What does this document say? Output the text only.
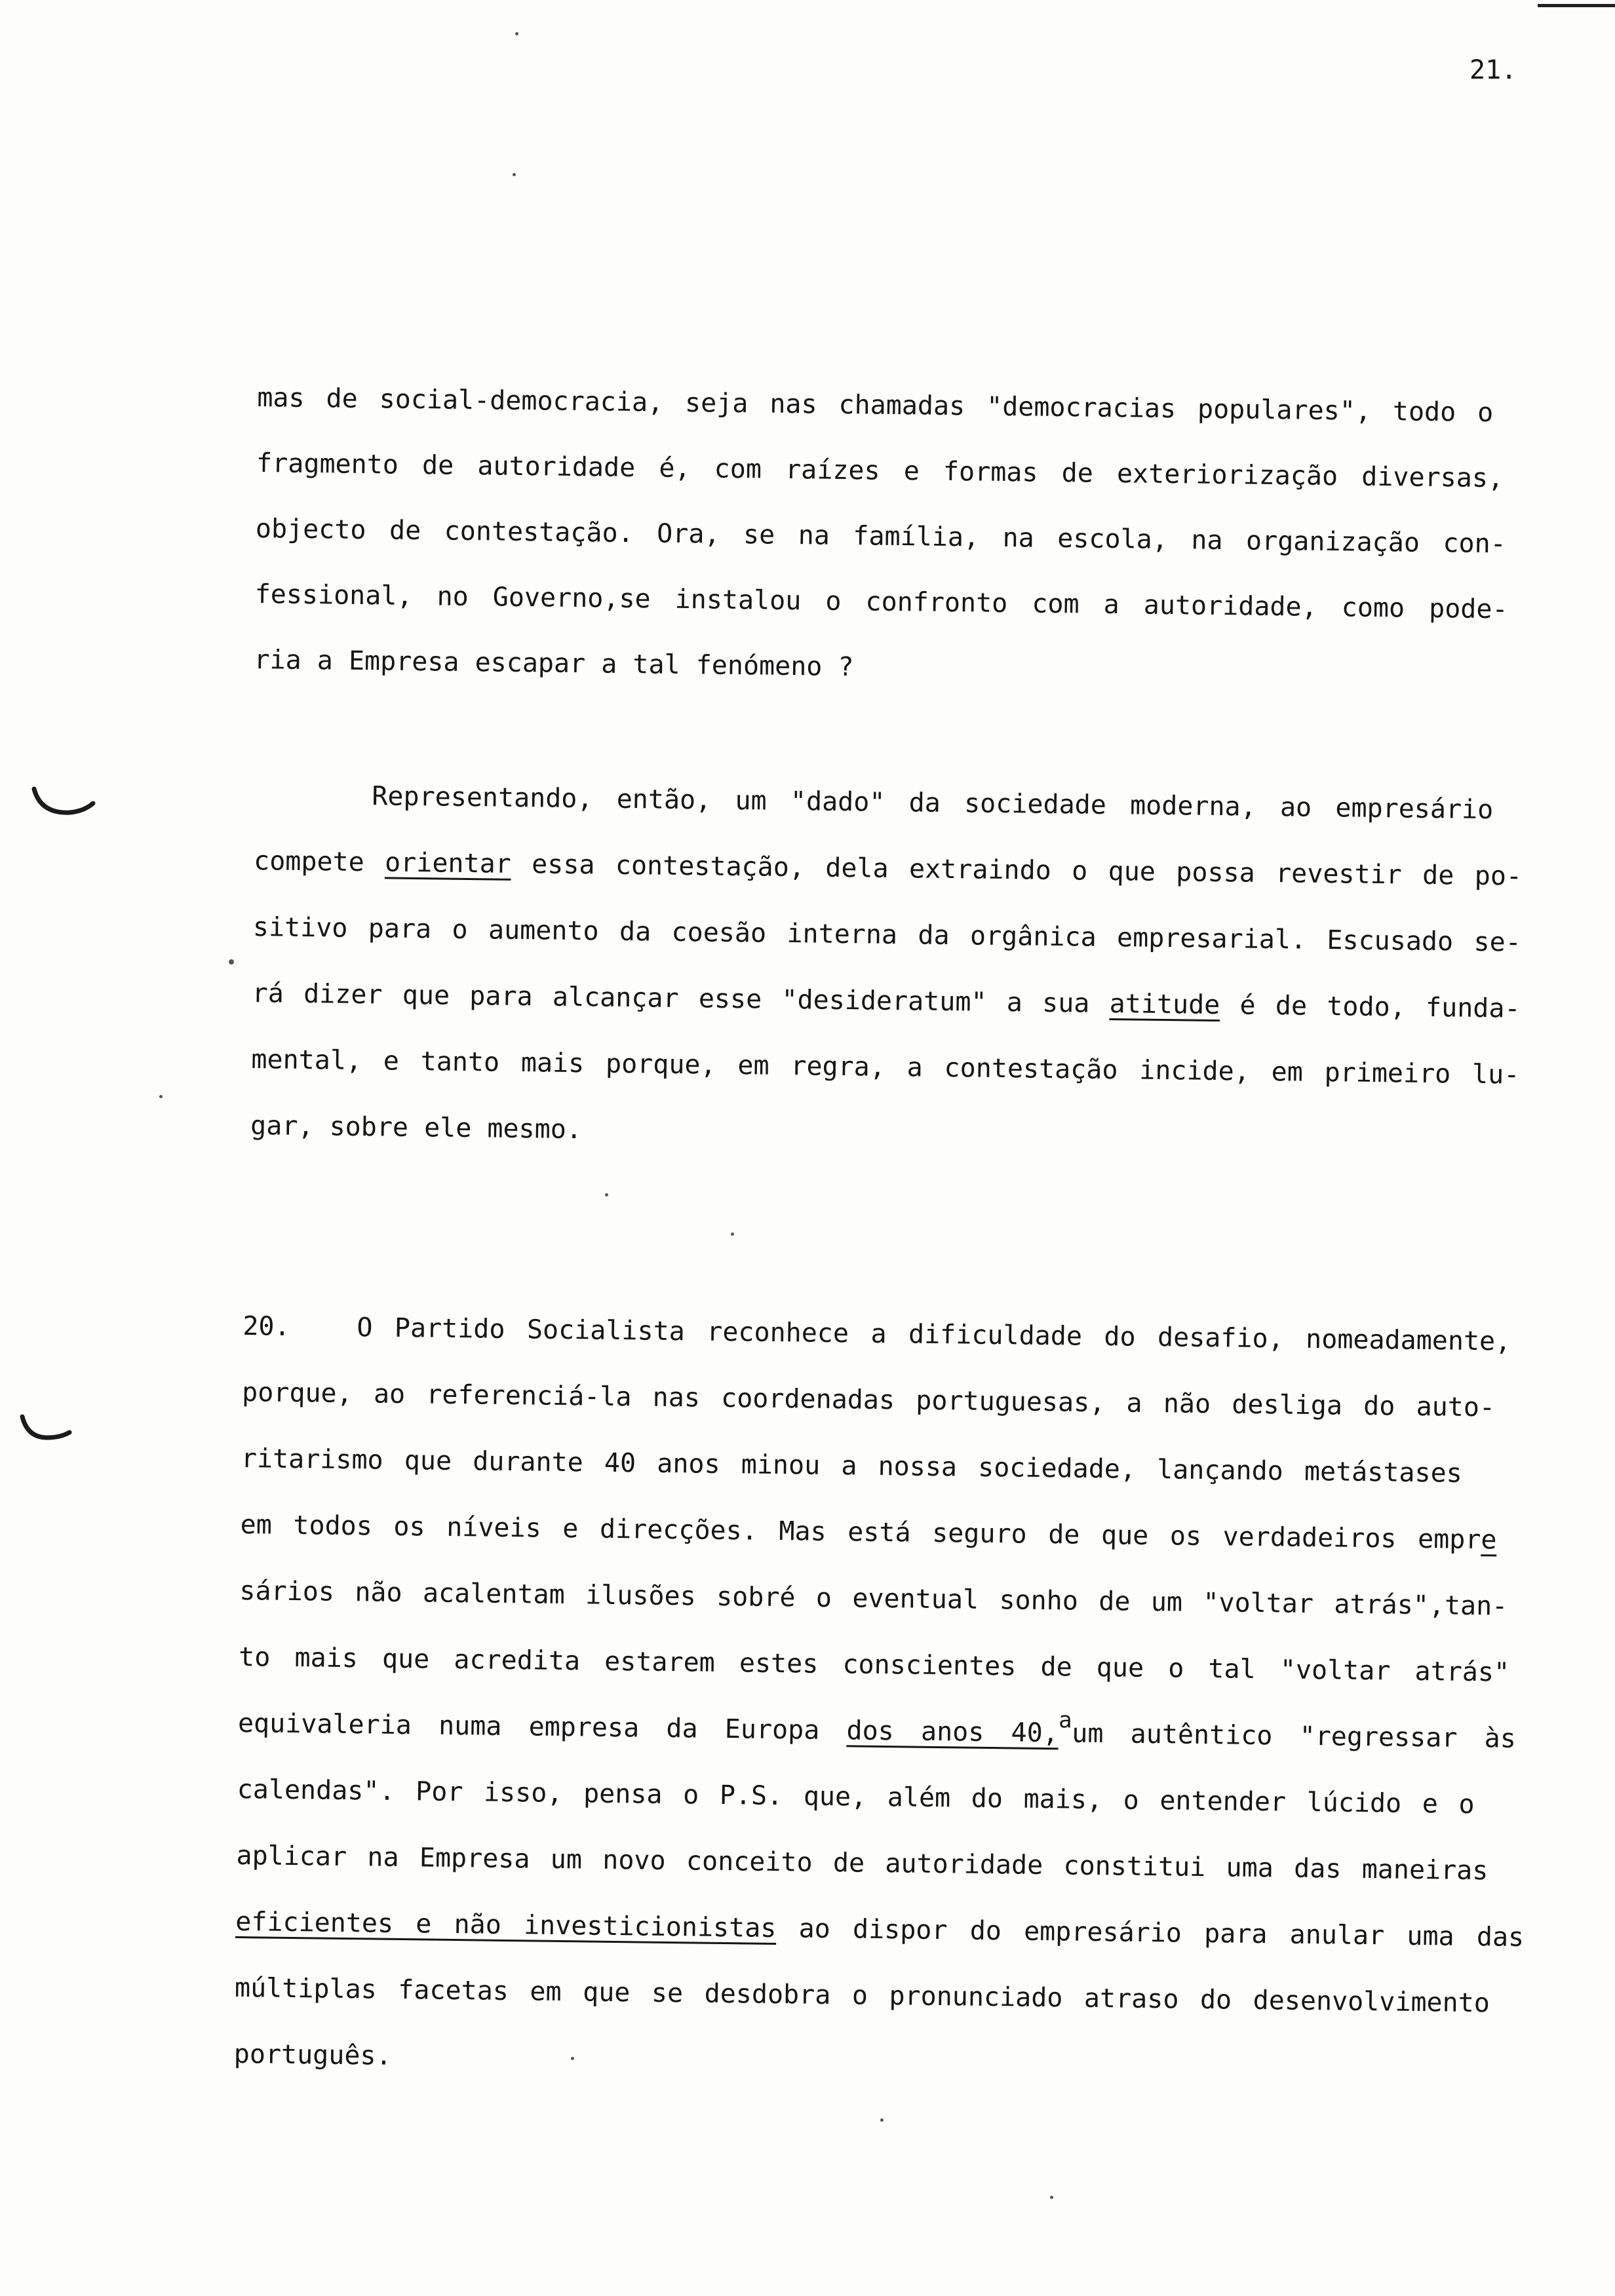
21.
mas de social-democracia, seja nas chamadas "democracias populares", todo o
fragmento de autoridade é, com raízes e formas de exteriorização diversas,
objecto de contestação. Ora, se na família, na escola, na organização con-
fessional, no Governo,se instalou o confronto com a autoridade, como pode-
ria a Empresa escapar a tal fenómeno ?
Representando, então, um "dado" da sociedade moderna, ao empresário
compete orientar essa contestação, dela extraindo o que possa revestir de po-
sitivo para o aumento da coesão interna da orgânica empresarial. Escusado se-
rá dizer que para alcançar esse "desideratum" a sua atitude é de todo, funda-
mental, e tanto mais porque, em regra, a contestação incide, em primeiro lu-
gar, sobre ele mesmo.
20.	O Partido Socialista reconhece a dificuldade do desafio, nomeadamente,
porque, ao referenciá-la nas coordenadas portuguesas, a não desliga do auto-
ritarismo que durante 40 anos minou a nossa sociedade, lançando metástases
em todos os níveis e direcções. Mas está seguro de que os verdadeiros empre
sários não acalentam ilusões sobré o eventual sonho de um "voltar atrás",tan-
to mais que acredita estarem estes conscientes de que o tal "voltar atrás"
equivaleria numa empresa da Europa dos anos 40,$^a$um autêntico "regressar às
calendas". Por isso, pensa o P.S. que, além do mais, o entender lúcido e o
aplicar na Empresa um novo conceito de autoridade constitui uma das maneiras
eficientes e não investicionistas ao dispor do empresário para anular uma das
múltiplas facetas em que se desdobra o pronunciado atraso do desenvolvimento
português.
